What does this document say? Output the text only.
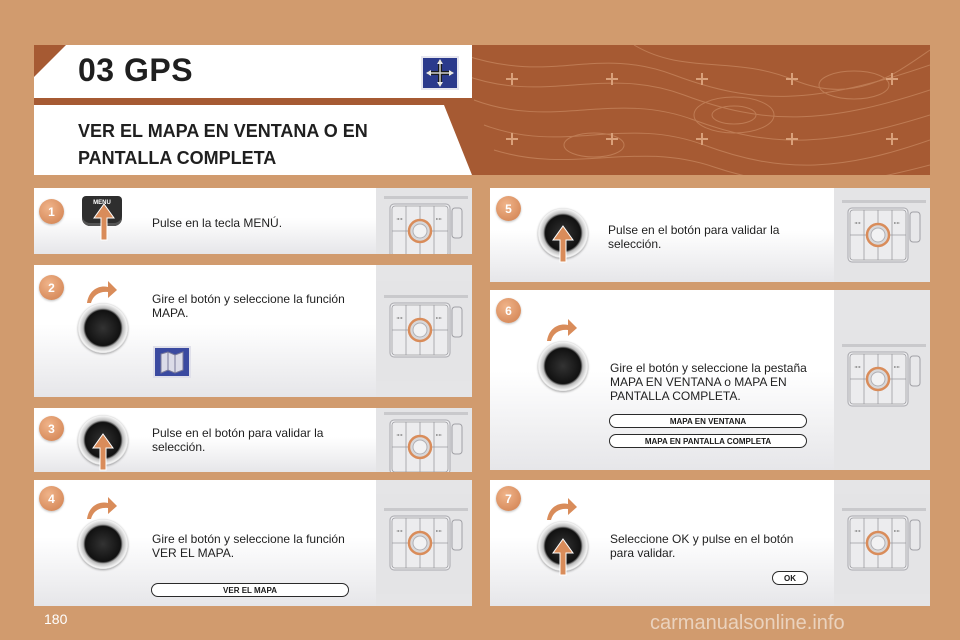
03 GPS
VER EL MAPA EN VENTANA O EN
PANTALLA COMPLETA
1
MENU
Pulse en la tecla MENÚ.
2
Gire el botón y seleccione la función
MAPA.
3	Pulse en el botón para validar la
selección.
4
Gire el botón y seleccione la función
VER EL MAPA.
VER EL MAPA
5
Pulse en el botón para validar la
selección.
6
Gire el botón y seleccione la pestaña
MAPA EN VENTANA o MAPA EN
PANTALLA COMPLETA.
MAPA EN VENTANA
MAPA EN PANTALLA COMPLETA
7
Seleccione OK y pulse en el botón
para validar.
OK
180	carmanualsonline.info
